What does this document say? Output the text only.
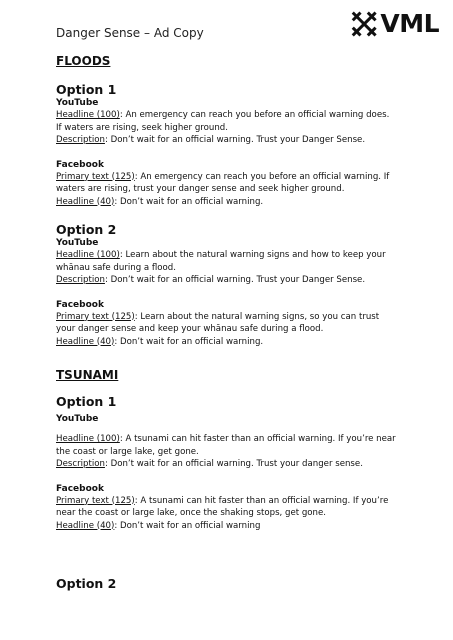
Danger Sense – Ad Copy	VML

FLOODS

Option 1

YouTube

Headline (100): An emergency can reach you before an official warning does. If waters are rising, seek higher ground.

Description: Don’t wait for an official warning. Trust your Danger Sense.

Facebook

Primary text (125): An emergency can reach you before an official warning. If waters are rising, trust your danger sense and seek higher ground.

Headline (40): Don’t wait for an official warning.

Option 2

YouTube

Headline (100): Learn about the natural warning signs and how to keep your whānau safe during a flood.

Description: Don’t wait for an official warning. Trust your Danger Sense.

Facebook

Primary text (125): Learn about the natural warning signs, so you can trust your danger sense and keep your whānau safe during a flood.

Headline (40): Don’t wait for an official warning.

TSUNAMI

Option 1

YouTube

Headline (100): A tsunami can hit faster than an official warning. If you’re near the coast or large lake, get gone.

Description: Don’t wait for an official warning. Trust your danger sense.

Facebook

Primary text (125): A tsunami can hit faster than an official warning. If you’re near the coast or large lake, once the shaking stops, get gone.

Headline (40): Don’t wait for an official warning

Option 2
